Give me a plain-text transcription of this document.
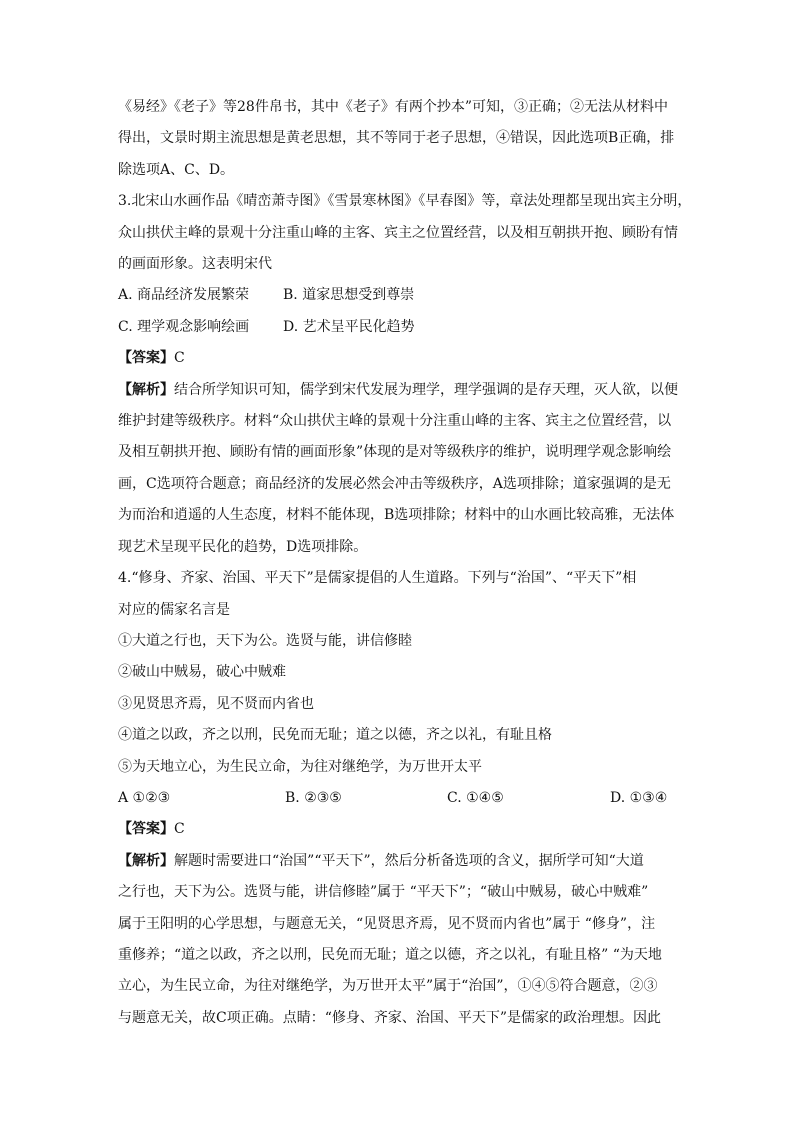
《易经》《老子》等28件帛书，其中《老子》有两个抄本”可知，③正确；②无法从材料中

得出，文景时期主流思想是黄老思想，其不等同于老子思想，④错误，因此选项B正确，排

除选项A、C、D。

3.北宋山水画作品《晴峦萧寺图》《雪景寒林图》《早春图》等，章法处理都呈现出宾主分明，

众山拱伏主峰的景观十分注重山峰的主客、宾主之位置经营，以及相互朝拱开抱、顾盼有情

的画面形象。这表明宋代

A. 商品经济发展繁荣	B. 道家思想受到尊崇
C. 理学观念影响绘画	D. 艺术呈平民化趋势

【答案】C

【解析】结合所学知识可知，儒学到宋代发展为理学，理学强调的是存天理，灭人欲，以便

维护封建等级秩序。材料“众山拱伏主峰的景观十分注重山峰的主客、宾主之位置经营，以

及相互朝拱开抱、顾盼有情的画面形象”体现的是对等级秩序的维护，说明理学观念影响绘

画，C选项符合题意；商品经济的发展必然会冲击等级秩序，A选项排除；道家强调的是无

为而治和逍遥的人生态度，材料不能体现，B选项排除；材料中的山水画比较高雅，无法体

现艺术呈现平民化的趋势，D选项排除。

4.“修身、齐家、治国、平天下”是儒家提倡的人生道路。下列与“治国”、“平天下”相

对应的儒家名言是

①大道之行也，天下为公。选贤与能，讲信修睦

②破山中贼易，破心中贼难

③见贤思齐焉，见不贤而内省也

④道之以政，齐之以刑，民免而无耻；道之以德，齐之以礼，有耻且格

⑤为天地立心，为生民立命，为往对继绝学，为万世开太平

A ①②③	B. ②③⑤	C. ①④⑤	D. ①③④

【答案】C

【解析】解题时需要进口“治国”“平天下”，然后分析备选项的含义，据所学可知“大道

之行也，天下为公。选贤与能，讲信修睦”属于 “平天下”；“破山中贼易，破心中贼难”

属于王阳明的心学思想，与题意无关，“见贤思齐焉，见不贤而内省也”属于 “修身”，注

重修养；“道之以政，齐之以刑，民免而无耻；道之以德，齐之以礼，有耻且格” “为天地

立心，为生民立命，为往对继绝学，为万世开太平”属于“治国”，①④⑤符合题意，②③

与题意无关，故C项正确。点睛：“修身、齐家、治国、平天下”是儒家的政治理想。因此
